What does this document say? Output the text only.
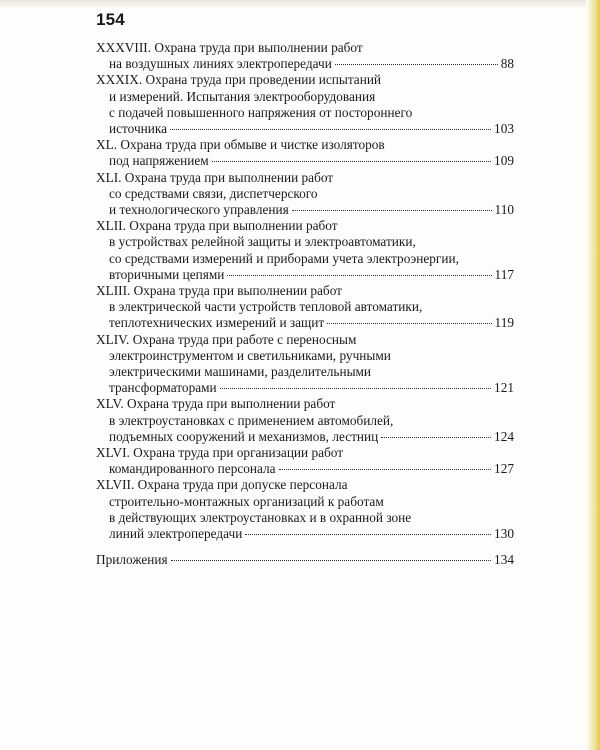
154
XXXVIII. Охрана труда при выполнении работ
на воздушных линиях электропередачи	88
XXXIX. Охрана труда при проведении испытаний
и измерений. Испытания электрооборудования
с подачей повышенного напряжения от постороннего
источника	103
XL. Охрана труда при обмыве и чистке изоляторов
под напряжением	109
XLI. Охрана труда при выполнении работ
со средствами связи, диспетчерского
и технологического управления	110
XLII. Охрана труда при выполнении работ
в устройствах релейной защиты и электроавтоматики,
со средствами измерений и приборами учета электроэнергии,
вторичными цепями	117
XLIII. Охрана труда при выполнении работ
в электрической части устройств тепловой автоматики,
теплотехнических измерений и защит	119
XLIV. Охрана труда при работе с переносным
электроинструментом и светильниками, ручными
электрическими машинами, разделительными
трансформаторами	121
XLV. Охрана труда при выполнении работ
в электроустановках с применением автомобилей,
подъемных сооружений и механизмов, лестниц	124
XLVI. Охрана труда при организации работ
командированного персонала	127
XLVII. Охрана труда при допуске персонала
строительно-монтажных организаций к работам
в действующих электроустановках и в охранной зоне
линий электропередачи	130
Приложения	134
